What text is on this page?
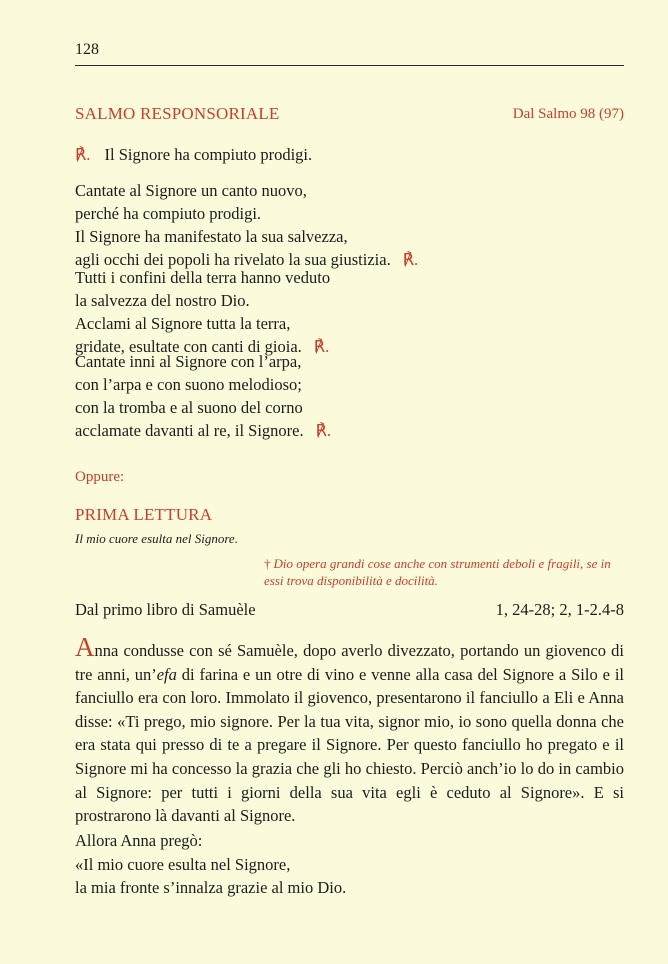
128
SALMO RESPONSORIALE	Dal Salmo 98 (97)
℟. Il Signore ha compiuto prodigi.
Cantate al Signore un canto nuovo,
perché ha compiuto prodigi.
Il Signore ha manifestato la sua salvezza,
agli occhi dei popoli ha rivelato la sua giustizia. ℟.
Tutti i confini della terra hanno veduto
la salvezza del nostro Dio.
Acclami al Signore tutta la terra,
gridate, esultate con canti di gioia. ℟.
Cantate inni al Signore con l’arpa,
con l’arpa e con suono melodioso;
con la tromba e al suono del corno
acclamate davanti al re, il Signore. ℟.
Oppure:
PRIMA LETTURA
Il mio cuore esulta nel Signore.
† Dio opera grandi cose anche con strumenti deboli e fragili, se in essi trova disponibilità e docilità.
Dal primo libro di Samuèle	1, 24-28; 2, 1-2.4-8

Anna condusse con sé Samuèle, dopo averlo divezzato, portando un giovenco di tre anni, un’efa di farina e un otre di vino e venne alla casa del Signore a Silo e il fanciullo era con loro. Immolato il giovenco, presentarono il fanciullo a Eli e Anna disse: «Ti prego, mio signore. Per la tua vita, signor mio, io sono quella donna che era stata qui presso di te a pregare il Signore. Per questo fanciullo ho pregato e il Signore mi ha concesso la grazia che gli ho chiesto. Perciò anch’io lo do in cambio al Signore: per tutti i giorni della sua vita egli è ceduto al Signore». E si prostrarono là davanti al Signore.

Allora Anna pregò:
«Il mio cuore esulta nel Signore,
la mia fronte s’innalza grazie al mio Dio.
